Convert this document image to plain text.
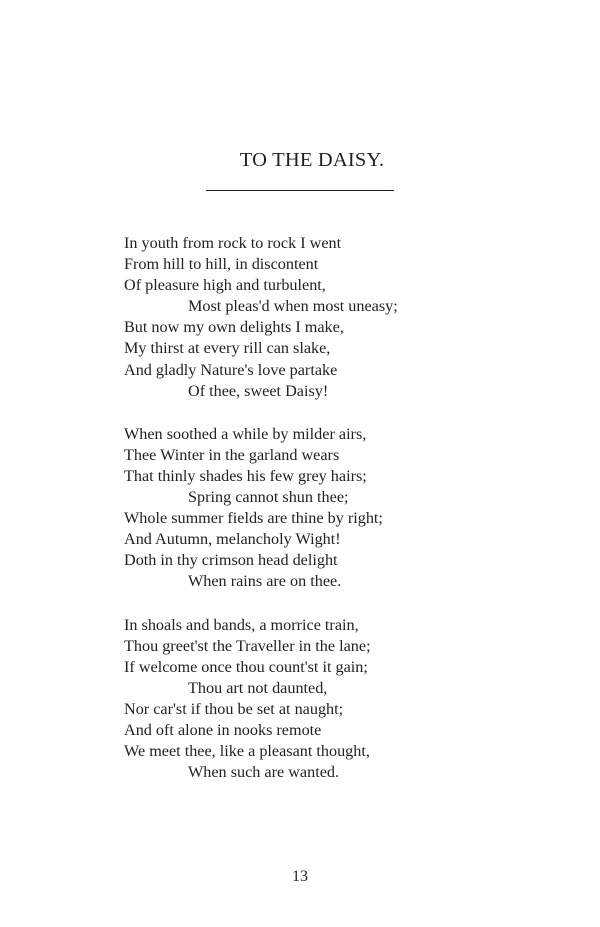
TO THE DAISY.
In youth from rock to rock I went
From hill to hill, in discontent
Of pleasure high and turbulent,
Most pleas'd when most uneasy;
But now my own delights I make,
My thirst at every rill can slake,
And gladly Nature's love partake
Of thee, sweet Daisy!
When soothed a while by milder airs,
Thee Winter in the garland wears
That thinly shades his few grey hairs;
Spring cannot shun thee;
Whole summer fields are thine by right;
And Autumn, melancholy Wight!
Doth in thy crimson head delight
When rains are on thee.
In shoals and bands, a morrice train,
Thou greet'st the Traveller in the lane;
If welcome once thou count'st it gain;
Thou art not daunted,
Nor car'st if thou be set at naught;
And oft alone in nooks remote
We meet thee, like a pleasant thought,
When such are wanted.
13
